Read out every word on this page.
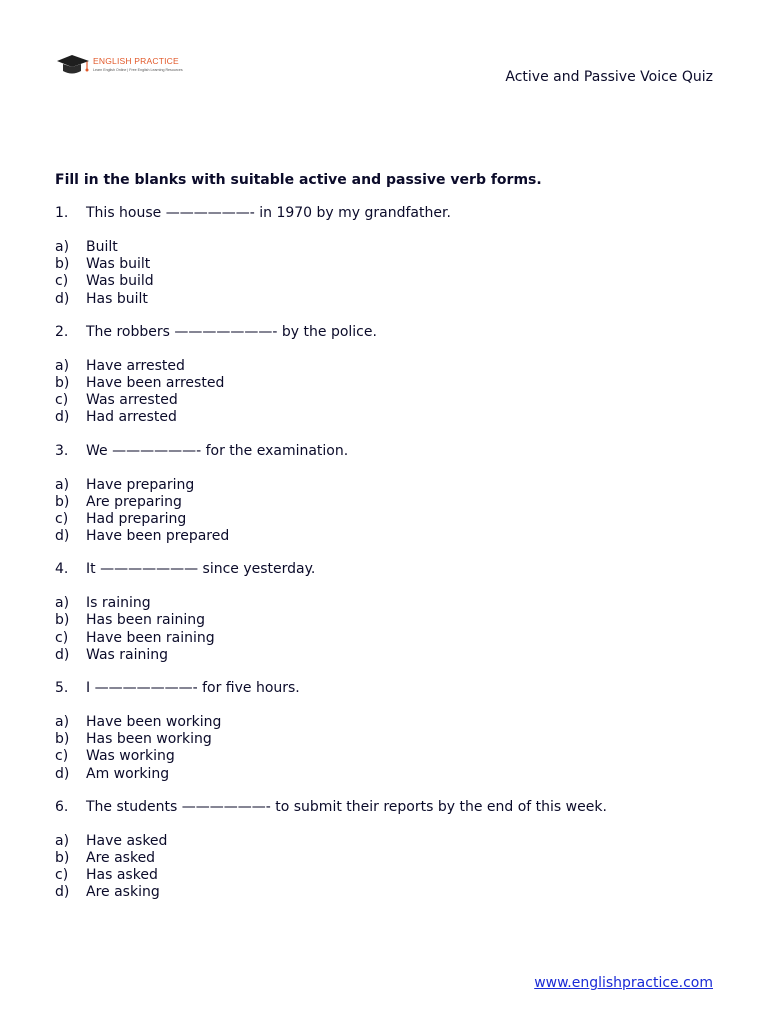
ENGLISH PRACTICE
Learn English Online | Free English Learning Resources	Active and Passive Voice Quiz
Fill in the blanks with suitable active and passive verb forms.
1. This house ——————- in 1970 by my grandfather.
a) Built
b) Was built
c) Was build
d) Has built
2. The robbers ———————- by the police.
a) Have arrested
b) Have been arrested
c) Was arrested
d) Had arrested
3. We ——————- for the examination.
a) Have preparing
b) Are preparing
c) Had preparing
d) Have been prepared
4. It ——————— since yesterday.
a) Is raining
b) Has been raining
c) Have been raining
d) Was raining
5. I ———————- for five hours.
a) Have been working
b) Has been working
c) Was working
d) Am working
6. The students ——————- to submit their reports by the end of this week.
a) Have asked
b) Are asked
c) Has asked
d) Are asking
www.englishpractice.com
